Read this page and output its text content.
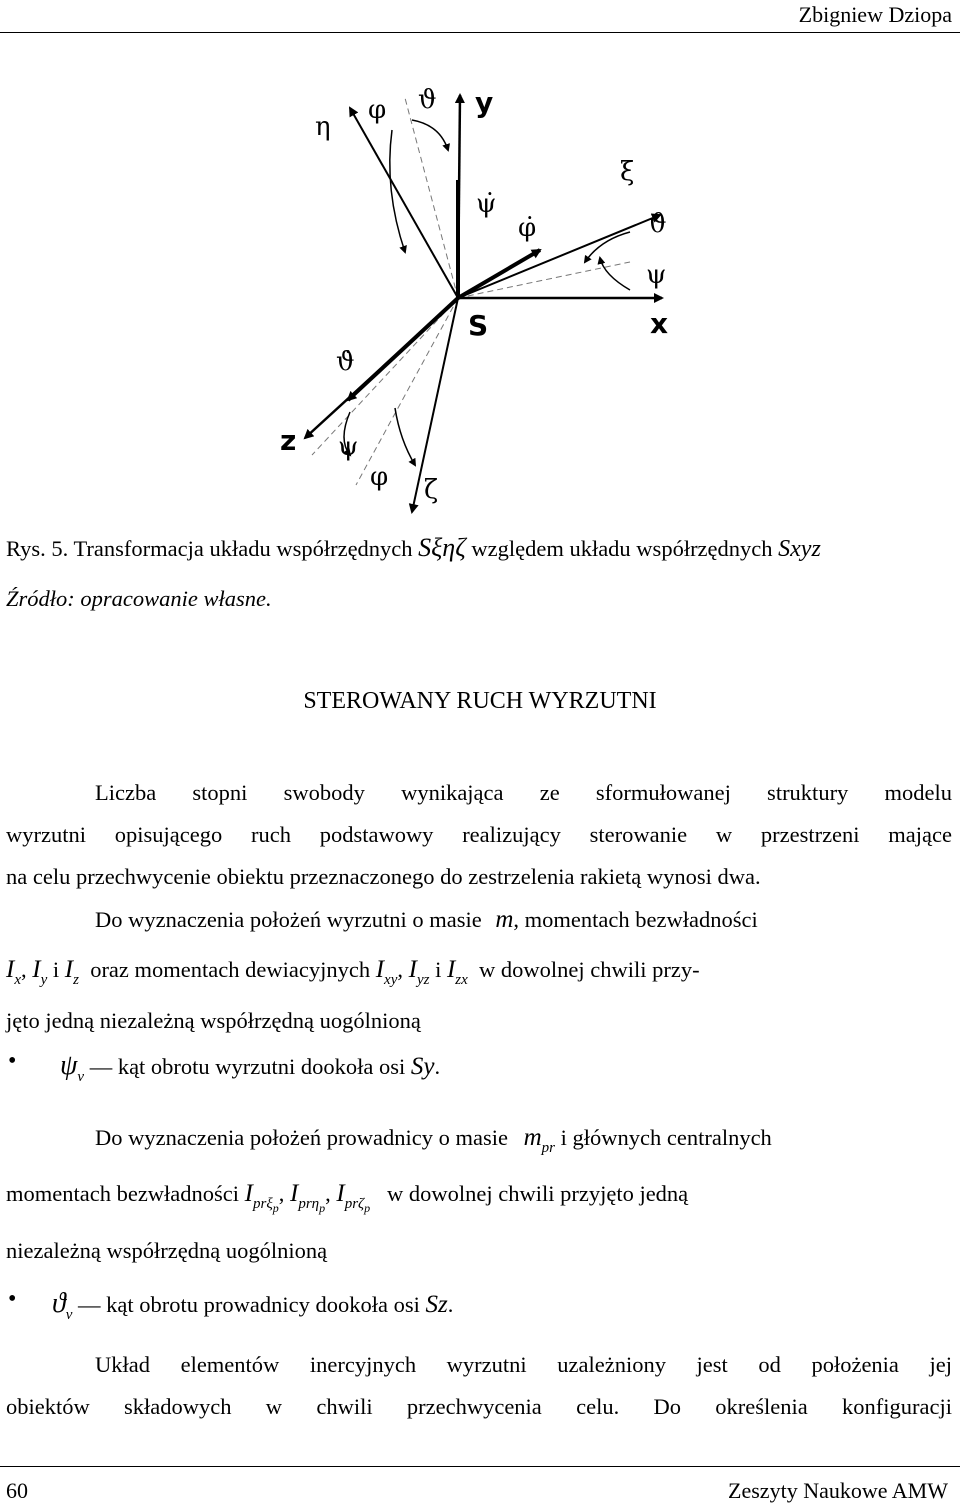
Zbigniew Dziopa
η
φ ϑ y
ψ̇
φ̇
ξ
ϑ
ψ
S	x
ϑ̇
z ψ
φ ζ
Rys. 5. Transformacja układu współrzędnych Sξηζ względem układu współrzędnych Sxyz
Źródło: opracowanie własne.
STEROWANY RUCH WYRZUTNI
Liczba stopni swobody wynikająca ze sformułowanej struktury modelu
wyrzutni opisującego ruch podstawowy realizujący sterowanie w przestrzeni mające
na celu przechwycenie obiektu przeznaczonego do zestrzelenia rakietą wynosi dwa.
Do wyznaczenia położeń wyrzutni o masie m, momentach bezwładności
$I_x$, $I_y$ i $I_z$ oraz momentach dewiacyjnych $I_{xy}$, $I_{yz}$ i $I_{zx}$ w dowolnej chwili przy-
jęto jedną niezależną współrzędną uogólnioną
• $\psi_v$ — kąt obrotu wyrzutni dookoła osi Sy.
Do wyznaczenia położeń prowadnicy o masie $m_{pr}$ i głównych centralnych
momentach bezwładności $I_{pr\xi_p}$, $I_{pr\eta_p}$, $I_{pr\zeta_p}$   w dowolnej chwili przyjęto jedną
niezależną współrzędną uogólnioną
• $ϑ_v$ — kąt obrotu prowadnicy dookoła osi Sz.
Układ elementów inercyjnych wyrzutni uzależniony jest od położenia jej
obiektów składowych w chwili przechwycenia celu. Do określenia konfiguracji
60	Zeszyty Naukowe AMW
